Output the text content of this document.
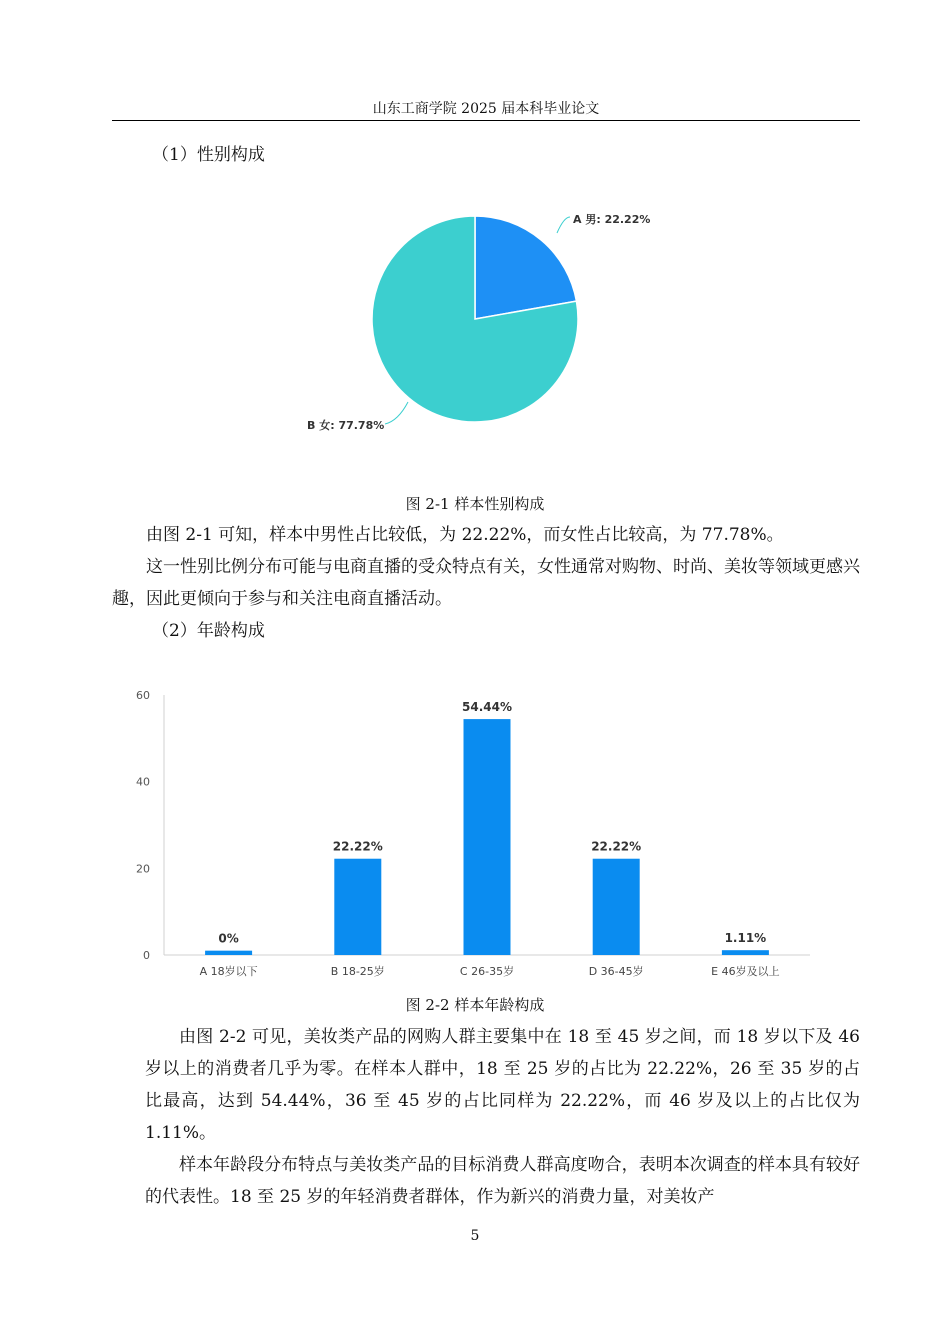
山东工商学院 2025 届本科毕业论文
（1）性别构成
A 男: 22.22%
B 女: 77.78%
图 2-1 样本性别构成

由图 2-1 可知，样本中男性占比较低，为 22.22%，而女性占比较高，为 77.78%。

这一性别比例分布可能与电商直播的受众特点有关，女性通常对购物、时尚、美妆等领域更感兴趣，因此更倾向于参与和关注电商直播活动。

（2）年龄构成
0
20
40
60
0%
A 18岁以下
22.22%
B 18-25岁
54.44%
C 26-35岁
22.22%
D 36-45岁
1.11%
E 46岁及以上
图 2-2 样本年龄构成

由图 2-2 可见，美妆类产品的网购人群主要集中在 18 至 45 岁之间，而 18 岁以下及 46 岁以上的消费者几乎为零。在样本人群中，18 至 25 岁的占比为 22.22%，26 至 35 岁的占比最高，达到 54.44%，36 至 45 岁的占比同样为 22.22%，而 46 岁及以上的占比仅为 1.11%。

样本年龄段分布特点与美妆类产品的目标消费人群高度吻合，表明本次调查的样本具有较好的代表性。18 至 25 岁的年轻消费者群体，作为新兴的消费力量，对美妆产

5
